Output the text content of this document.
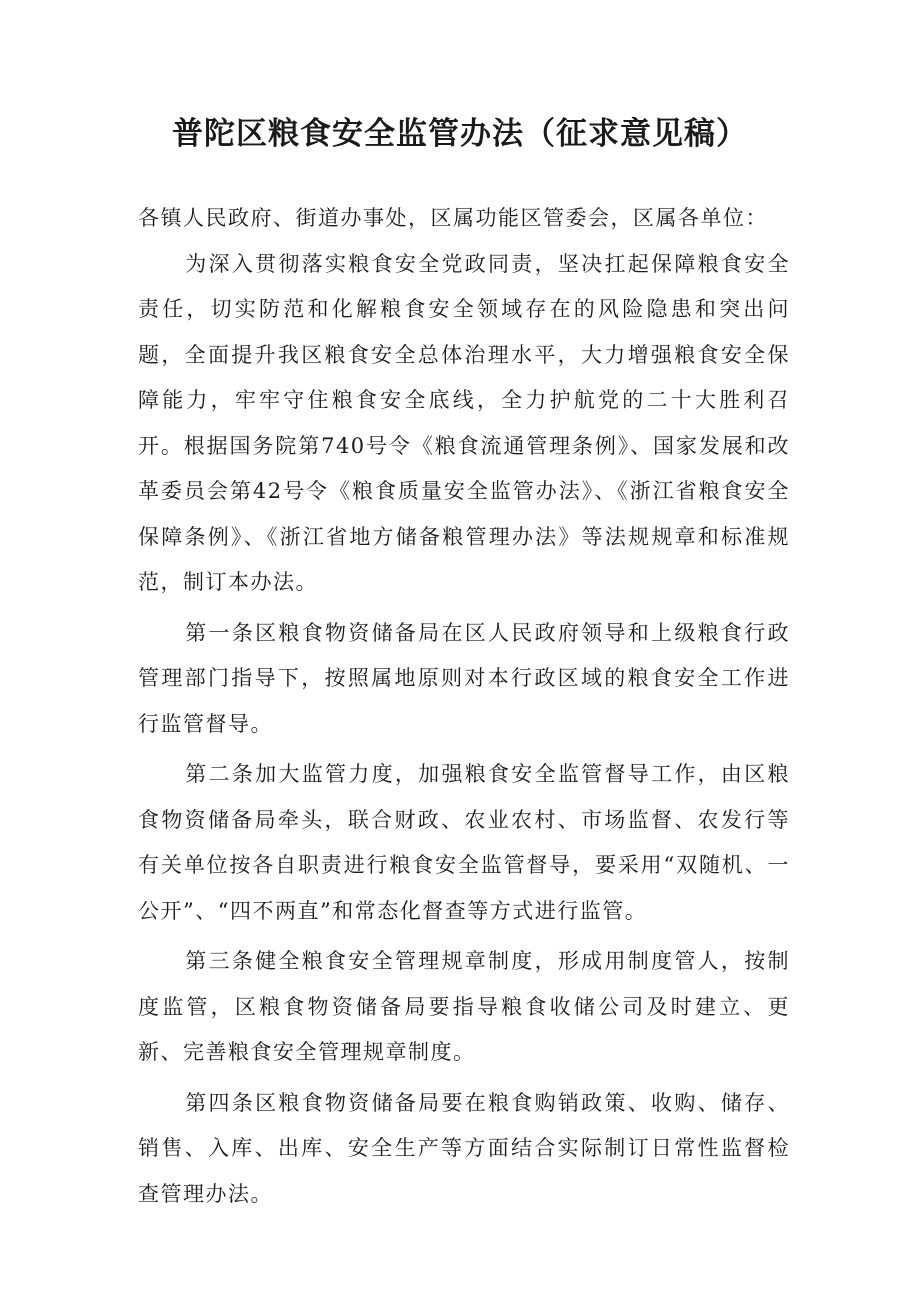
普陀区粮食安全监管办法（征求意见稿）

各镇人民政府、街道办事处，区属功能区管委会，区属各单位：

为深入贯彻落实粮食安全党政同责，坚决扛起保障粮食安全责任，切实防范和化解粮食安全领域存在的风险隐患和突出问题，全面提升我区粮食安全总体治理水平，大力增强粮食安全保障能力，牢牢守住粮食安全底线，全力护航党的二十大胜利召开。根据国务院第740号令《粮食流通管理条例》、国家发展和改革委员会第42号令《粮食质量安全监管办法》、《浙江省粮食安全保障条例》、《浙江省地方储备粮管理办法》等法规规章和标准规范，制订本办法。

第一条区粮食物资储备局在区人民政府领导和上级粮食行政管理部门指导下，按照属地原则对本行政区域的粮食安全工作进行监管督导。

第二条加大监管力度，加强粮食安全监管督导工作，由区粮食物资储备局牵头，联合财政、农业农村、市场监督、农发行等有关单位按各自职责进行粮食安全监管督导，要采用“双随机、一公开”、“四不两直”和常态化督查等方式进行监管。

第三条健全粮食安全管理规章制度，形成用制度管人，按制度监管，区粮食物资储备局要指导粮食收储公司及时建立、更新、完善粮食安全管理规章制度。

第四条区粮食物资储备局要在粮食购销政策、收购、储存、销售、入库、出库、安全生产等方面结合实际制订日常性监督检查管理办法。
